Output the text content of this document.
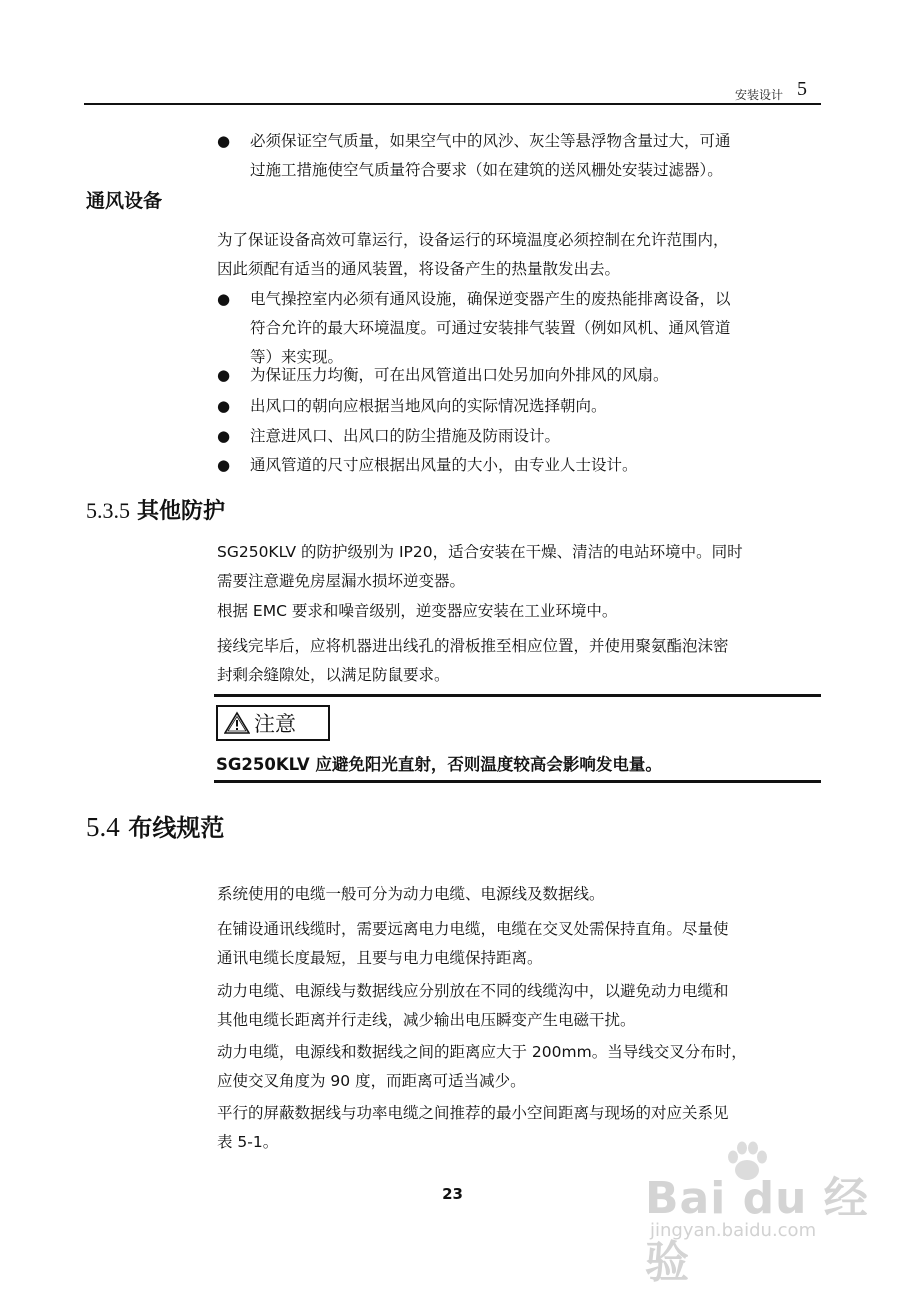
安装设计 5
● 必须保证空气质量，如果空气中的风沙、灰尘等悬浮物含量过大，可通
过施工措施使空气质量符合要求（如在建筑的送风栅处安装过滤器）。
通风设备
为了保证设备高效可靠运行，设备运行的环境温度必须控制在允许范围内，
因此须配有适当的通风装置，将设备产生的热量散发出去。
● 电气操控室内必须有通风设施，确保逆变器产生的废热能排离设备，以
符合允许的最大环境温度。可通过安装排气装置（例如风机、通风管道
等）来实现。
● 为保证压力均衡，可在出风管道出口处另加向外排风的风扇。
● 出风口的朝向应根据当地风向的实际情况选择朝向。
● 注意进风口、出风口的防尘措施及防雨设计。
● 通风管道的尺寸应根据出风量的大小，由专业人士设计。
5.3.5 其他防护
SG250KLV 的防护级别为 IP20，适合安装在干燥、清洁的电站环境中。同时
需要注意避免房屋漏水损坏逆变器。
根据 EMC 要求和噪音级别，逆变器应安装在工业环境中。
接线完毕后，应将机器进出线孔的滑板推至相应位置，并使用聚氨酯泡沫密
封剩余缝隙处，以满足防鼠要求。
注意
SG250KLV 应避免阳光直射，否则温度较高会影响发电量。
5.4 布线规范
系统使用的电缆一般可分为动力电缆、电源线及数据线。
在铺设通讯线缆时，需要远离电力电缆，电缆在交叉处需保持直角。尽量使
通讯电缆长度最短，且要与电力电缆保持距离。
动力电缆、电源线与数据线应分别放在不同的线缆沟中，以避免动力电缆和
其他电缆长距离并行走线，减少输出电压瞬变产生电磁干扰。
动力电缆，电源线和数据线之间的距离应大于 200mm。当导线交叉分布时，
应使交叉角度为 90 度，而距离可适当减少。
平行的屏蔽数据线与功率电缆之间推荐的最小空间距离与现场的对应关系见
表 5-1。
23	Bai du 经验
jingyan.baidu.com
